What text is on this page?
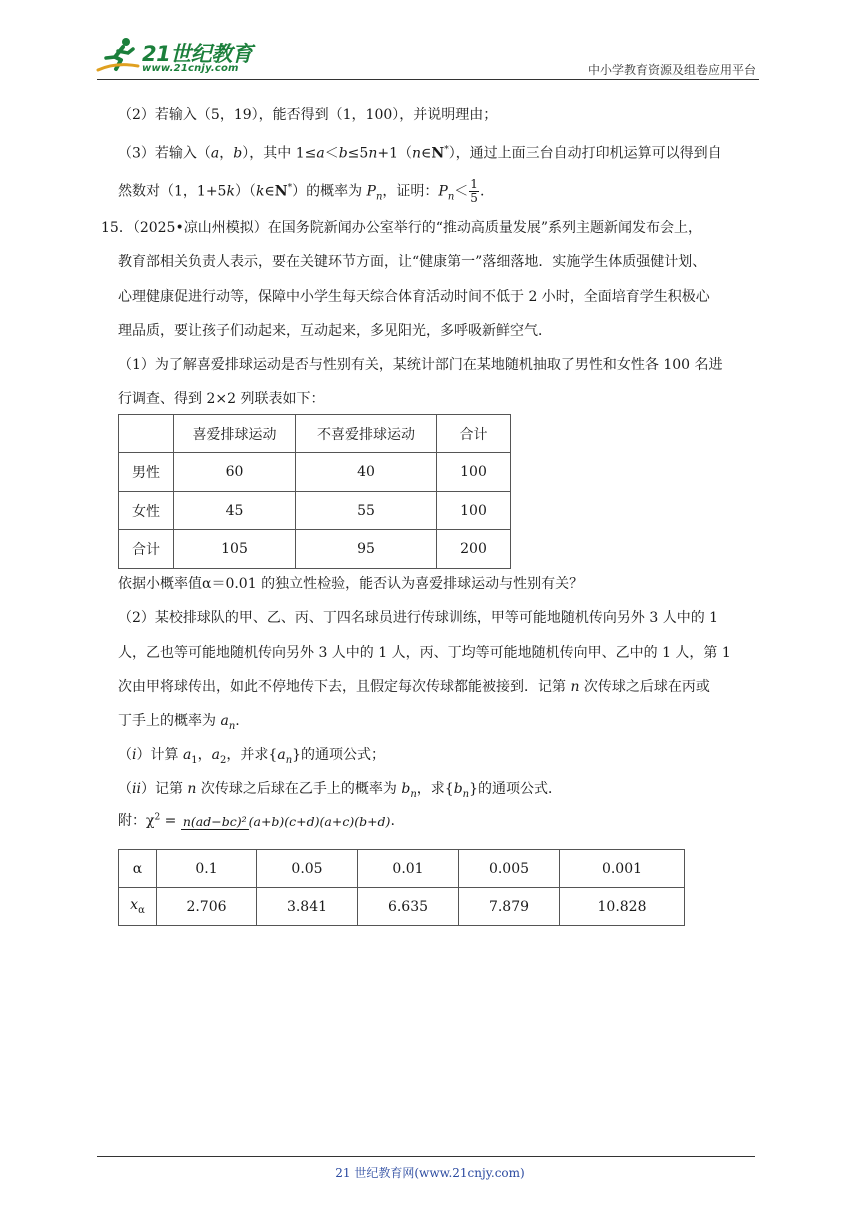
21世纪教育
www.21cnjy.com	中小学教育资源及组卷应用平台
（2）若输入（5，19），能否得到（1，100），并说明理由；
（3）若输入（a，b），其中 1≤a＜b≤5n+1（n∈N*），通过上面三台自动打印机运算可以得到自
然数对（1，1+5k）（k∈N*）的概率为 $P_n$，证明：$P_n< \frac{1}{5}$ .
15．（2025•凉山州模拟）在国务院新闻办公室举行的“推动高质量发展”系列主题新闻发布会上，
教育部相关负责人表示，要在关键环节方面，让“健康第一”落细落地．实施学生体质强健计划、
心理健康促进行动等，保障中小学生每天综合体育活动时间不低于 2 小时，全面培育学生积极心
理品质，要让孩子们动起来，互动起来，多见阳光，多呼吸新鲜空气．
（1）为了解喜爱排球运动是否与性别有关，某统计部门在某地随机抽取了男性和女性各 100 名进
行调查、得到 2×2 列联表如下：
	喜爱排球运动	不喜爱排球运动	合计
男性	60	40	100
女性	45	55	100
合计	105	95	200
依据小概率值α＝0.01 的独立性检验，能否认为喜爱排球运动与性别有关？
（2）某校排球队的甲、乙、丙、丁四名球员进行传球训练，甲等可能地随机传向另外 3 人中的 1
人，乙也等可能地随机传向另外 3 人中的 1 人，丙、丁均等可能地随机传向甲、乙中的 1 人，第 1
次由甲将球传出，如此不停地传下去，且假定每次传球都能被接到．记第 n 次传球之后球在丙或
丁手上的概率为 $a_n$.
（i）计算 $a_1$，$a_2$，并求$\{a_n\}$的通项公式；
（ii）记第 n 次传球之后球在乙手上的概率为 $b_n$，求$\{b_n\}$的通项公式．
附：$\chi^2 = n(ad-bc)^2$ (a+b)(c+d)(a+c)(b+d).
α	0.1	0.05	0.01	0.005	0.001
$x_\alpha$	2.706	3.841	6.635	7.879	10.828
21 世纪教育网(www.21cnjy.com)
